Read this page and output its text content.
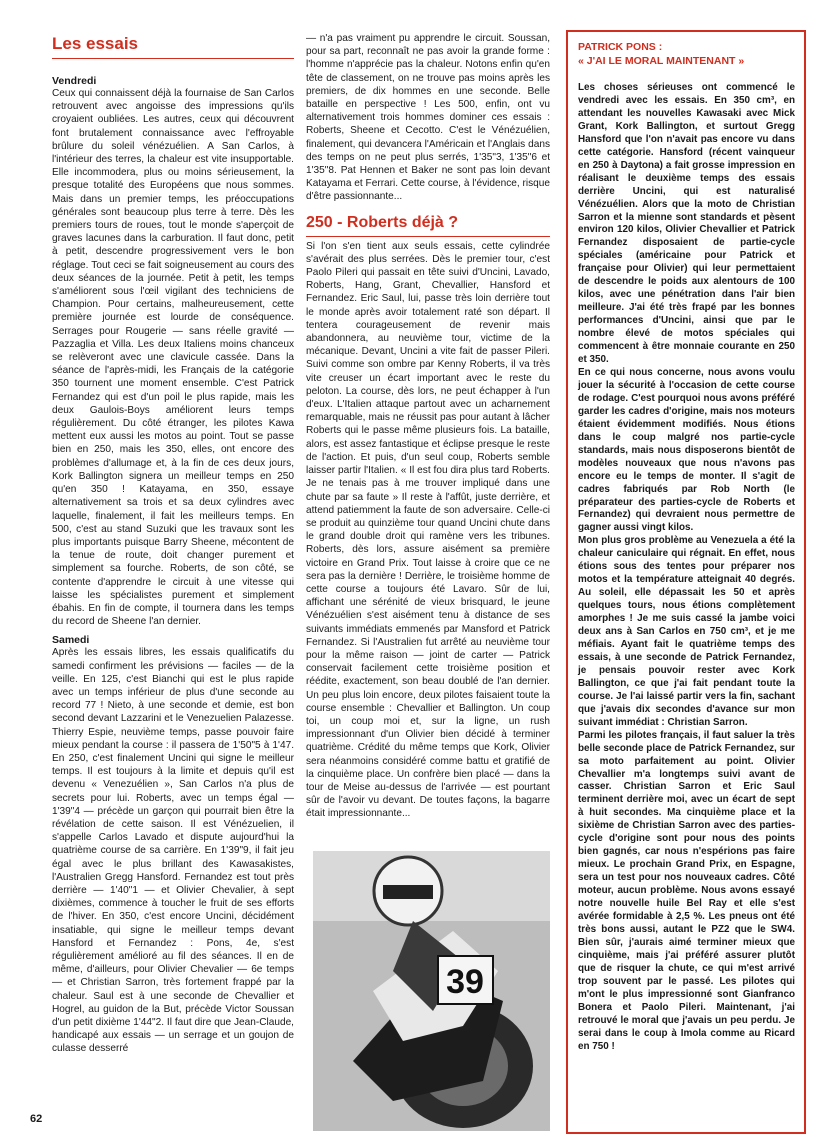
Les essais

Vendredi

Ceux qui connaissent déjà la fournaise de San Carlos retrouvent avec angoisse des impressions qu'ils croyaient oubliées. Les autres, ceux qui découvrent font brutalement connaissance avec l'effroyable brûlure du soleil vénézuélien. A San Carlos, à l'intérieur des terres, la chaleur est vite insupportable. Elle incommodera, plus ou moins sérieusement, la presque totalité des Européens que nous sommes. Mais dans un premier temps, les préoccupations générales sont beaucoup plus terre à terre. Dès les premiers tours de roues, tout le monde s'aperçoit de graves lacunes dans la carburation. Il faut donc, petit à petit, descendre progressivement vers le bon réglage. Tout ceci se fait soigneusement au cours des deux séances de la journée. Petit à petit, les temps s'améliorent sous l'œil vigilant des techniciens de Champion. Pour certains, malheureusement, cette première journée est lourde de conséquence. Serrages pour Rougerie — sans réelle gravité — Pazzaglia et Villa. Les deux Italiens moins chanceux se relèveront avec une clavicule cassée. Dans la séance de l'après-midi, les Français de la catégorie 350 tournent une moment ensemble. C'est Patrick Fernandez qui est d'un poil le plus rapide, mais les deux Gaulois-Boys améliorent leurs temps régulièrement. Du côté étranger, les pilotes Kawa mettent eux aussi les motos au point. Tout se passe bien en 250, mais les 350, elles, ont encore des problèmes d'allumage et, à la fin de ces deux jours, Kork Ballington signera un meilleur temps en 250 qu'en 350 ! Katayama, en 350, essaye alternativement sa trois et sa deux cylindres avec laquelle, finalement, il fait les meilleurs temps. En 500, c'est au stand Suzuki que les travaux sont les plus importants puisque Barry Sheene, mécontent de la tenue de route, doit changer purement et simplement sa fourche. Roberts, de son côté, se contente d'apprendre le circuit à une vitesse qui laisse les spécialistes purement et simplement ébahis. En fin de compte, il tournera dans les temps du record de Sheene l'an dernier.

Samedi

Après les essais libres, les essais qualificatifs du samedi confirment les prévisions — faciles — de la veille. En 125, c'est Bianchi qui est le plus rapide avec un temps inférieur de plus d'une seconde au record 77 ! Nieto, à une seconde et demie, est bon second devant Lazzarini et le Venezuelien Palazesse. Thierry Espie, neuvième temps, passe pouvoir faire mieux pendant la course : il passera de 1'50"5 à 1'47. En 250, c'est finalement Uncini qui signe le meilleur temps. Il est toujours à la limite et depuis qu'il est devenu « Venezuélien », San Carlos n'a plus de secrets pour lui. Roberts, avec un temps égal — 1'39"4 — précède un garçon qui pourrait bien être la révélation de cette saison. Il est Vénézuelien, il s'appelle Carlos Lavado et dispute aujourd'hui la quatrième course de sa carrière. En 1'39"9, il fait jeu égal avec le plus brillant des Kawasakistes, l'Australien Gregg Hansford. Fernandez est tout près derrière — 1'40"1 — et Olivier Chevalier, à sept dixièmes, commence à toucher le fruit de ses efforts de l'hiver. En 350, c'est encore Uncini, décidément insatiable, qui signe le meilleur temps devant Hansford et Fernandez : Pons, 4e, s'est régulièrement amélioré au fil des séances. Il en de même, d'ailleurs, pour Olivier Chevalier — 6e temps — et Christian Sarron, très fortement frappé par la chaleur. Saul est à une seconde de Chevallier et Hogrel, au guidon de la But, précède Victor Soussan d'un petit dixième 1'44"2. Il faut dire que Jean-Claude, handicapé aux essais — un serrage et un goujon de culasse desserré

— n'a pas vraiment pu apprendre le circuit. Soussan, pour sa part, reconnaît ne pas avoir la grande forme : l'homme n'apprécie pas la chaleur. Notons enfin qu'en tête de classement, on ne trouve pas moins après les premiers, de dix hommes en une seconde. Belle bataille en perspective ! Les 500, enfin, ont vu alternativement trois hommes dominer ces essais : Roberts, Sheene et Cecotto. C'est le Vénézuélien, finalement, qui devancera l'Américain et l'Anglais dans des temps on ne peut plus serrés, 1'35"3, 1'35"6 et 1'35"8. Pat Hennen et Baker ne sont pas loin devant Katayama et Ferrari. Cette course, à l'évidence, risque d'être passionnante...

250 - Roberts déjà ?

Si l'on s'en tient aux seuls essais, cette cylindrée s'avérait des plus serrées. Dès le premier tour, c'est Paolo Pileri qui passait en tête suivi d'Uncini, Lavado, Roberts, Hang, Grant, Chevallier, Hansford et Fernandez. Eric Saul, lui, passe très loin derrière tout le monde après avoir totalement raté son départ. Il tentera courageusement de revenir mais abandonnera, au neuvième tour, victime de la mécanique. Devant, Uncini a vite fait de passer Pileri. Suivi comme son ombre par Kenny Roberts, il va très vite creuser un écart important avec le reste du peloton. La course, dès lors, ne peut échapper à l'un d'eux. L'Italien attaque partout avec un acharnement remarquable, mais ne réussit pas pour autant à lâcher Roberts qui le passe même plusieurs fois. La bataille, alors, est assez fantastique et éclipse presque le reste de l'action. Et puis, d'un seul coup, Roberts semble laisser partir l'Italien. « Il est fou dira plus tard Roberts. Je ne tenais pas à me trouver impliqué dans une chute par sa faute » Il reste à l'affût, juste derrière, et attend patiemment la faute de son adversaire. Celle-ci se produit au quinzième tour quand Uncini chute dans le grand double droit qui ramène vers les tribunes. Roberts, dès lors, assure aisément sa première victoire en Grand Prix. Tout laisse à croire que ce ne sera pas la dernière ! Derrière, le troisième homme de cette course a toujours été Lavaro. Sûr de lui, affichant une sérénité de vieux brisquard, le jeune Vénézuélien s'est aisément tenu à distance de ses suivants immédiats emmenés par Mansford et Patrick Fernandez. Si l'Australien fut arrêté au neuvième tour pour la même raison — joint de carter — Patrick conservait facilement cette troisième position et réédite, exactement, son beau doublé de l'an dernier. Un peu plus loin encore, deux pilotes faisaient toute la course ensemble : Chevallier et Ballington. Un coup toi, un coup moi et, sur la ligne, un rush impressionnant d'un Olivier bien décidé à terminer quatrième. Crédité du même temps que Kork, Olivier sera néanmoins considéré comme battu et gratifié de la cinquième place. Un confrère bien placé — dans la tour de Meise au-dessus de l'arrivée — est pourtant sûr de l'avoir vu devant. De toutes façons, la bagarre était impressionnante...

39

PATRICK PONS :

« J'AI LE MORAL MAINTENANT »

Les choses sérieuses ont commencé le vendredi avec les essais. En 350 cm³, en attendant les nouvelles Kawasaki avec Mick Grant, Kork Ballington, et surtout Gregg Hansford que l'on n'avait pas encore vu dans cette catégorie. Hansford (récent vainqueur en 250 à Daytona) a fait grosse impression en réalisant le deuxième temps des essais derrière Uncini, qui est naturalisé Vénézuélien. Alors que la moto de Christian Sarron et la mienne sont standards et pèsent environ 120 kilos, Olivier Chevallier et Patrick Fernandez disposaient de partie-cycle spéciales (américaine pour Patrick et française pour Olivier) qui leur permettaient de descendre le poids aux alentours de 100 kilos, avec une pénétration dans l'air bien meilleure. J'ai été très frapé par les bonnes performances d'Uncini, ainsi que par le nombre élevé de motos spéciales qui commencent à être monnaie courante en 250 et 350.

En ce qui nous concerne, nous avons voulu jouer la sécurité à l'occasion de cette course de rodage. C'est pourquoi nous avons préféré garder les cadres d'origine, mais nos moteurs étaient évidemment modifiés. Nous étions dans le coup malgré nos partie-cycle standards, mais nous disposerons bientôt de modèles nouveaux que nous n'avons pas encore eu le temps de monter. Il s'agit de cadres fabriqués par Rob North (le préparateur des parties-cycle de Roberts et Fernandez) qui devraient nous permettre de gagner aussi vingt kilos.

Mon plus gros problème au Venezuela a été la chaleur caniculaire qui régnait. En effet, nous étions sous des tentes pour préparer nos motos et la température atteignait 40 degrés. Au soleil, elle dépassait les 50 et après quelques tours, nous étions complètement amorphes ! Je me suis cassé la jambe voici deux ans à San Carlos en 750 cm³, et je me méfiais. Ayant fait le quatrième temps des essais, à une seconde de Patrick Fernandez, je pensais pouvoir rester avec Kork Ballington, ce que j'ai fait pendant toute la course. Je l'ai laissé partir vers la fin, sachant que j'avais dix secondes d'avance sur mon suivant immédiat : Christian Sarron.

Parmi les pilotes français, il faut saluer la très belle seconde place de Patrick Fernandez, sur sa moto parfaitement au point. Olivier Chevallier m'a longtemps suivi avant de casser. Christian Sarron et Eric Saul terminent derrière moi, avec un écart de sept à huit secondes. Ma cinquième place et la sixième de Christian Sarron avec des parties-cycle d'origine sont pour nous des points bien gagnés, car nous n'espérions pas faire mieux. Le prochain Grand Prix, en Espagne, sera un test pour nos nouveaux cadres. Côté moteur, aucun problème. Nous avons essayé notre nouvelle huile Bel Ray et elle s'est avérée formidable à 2,5 %. Les pneus ont été très bons aussi, autant le PZ2 que le SW4. Bien sûr, j'aurais aimé terminer mieux que cinquième, mais j'ai préféré assurer plutôt que de risquer la chute, ce qui m'est arrivé trop souvent par le passé. Les pilotes qui m'ont le plus impressionné sont Gianfranco Bonera et Paolo Pileri. Maintenant, j'ai retrouvé le moral que j'avais un peu perdu. Je serai dans le coup à Imola comme au Ricard en 750 !

62
